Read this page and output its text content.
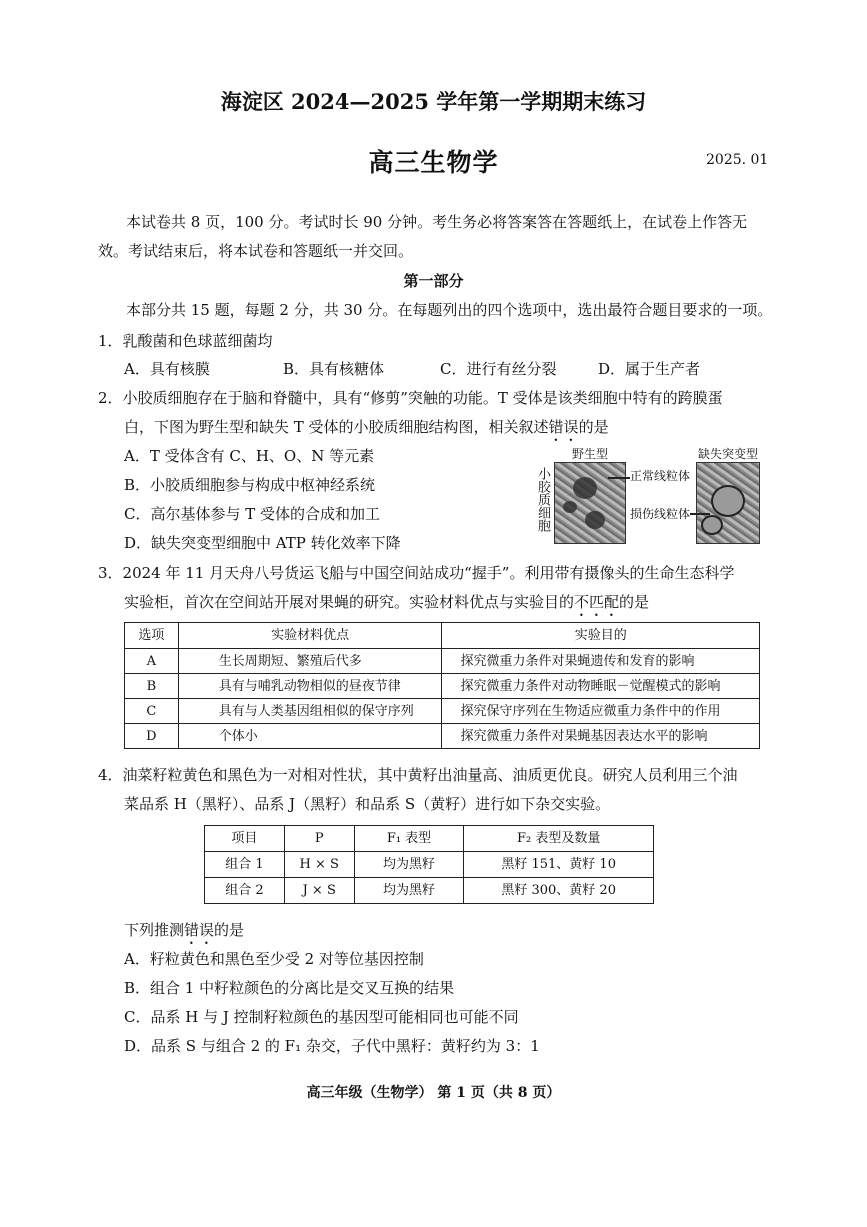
海淀区 2024—2025 学年第一学期期末练习
高三生物学	2025. 01
本试卷共 8 页，100 分。考试时长 90 分钟。考生务必将答案答在答题纸上，在试卷上作答无
效。考试结束后，将本试卷和答题纸一并交回。
第一部分
本部分共 15 题，每题 2 分，共 30 分。在每题列出的四个选项中，选出最符合题目要求的一项。
1．乳酸菌和色球蓝细菌均
A．具有核膜	B．具有核糖体	C．进行有丝分裂	D．属于生产者
2．小胶质细胞存在于脑和脊髓中，具有“修剪”突触的功能。T 受体是该类细胞中特有的跨膜蛋
白，下图为野生型和缺失 T 受体的小胶质细胞结构图，相关叙述错误的是
A．T 受体含有 C、H、O、N 等元素
B．小胶质细胞参与构成中枢神经系统
C．高尔基体参与 T 受体的合成和加工
D．缺失突变型细胞中 ATP 转化效率下降
野生型	缺失突变型
小胶质细胞	正常线粒体
损伤线粒体
3．2024 年 11 月天舟八号货运飞船与中国空间站成功“握手”。利用带有摄像头的生命生态科学
实验柜，首次在空间站开展对果蝇的研究。实验材料优点与实验目的不匹配的是
选项	实验材料优点	实验目的
A	生长周期短、繁殖后代多	探究微重力条件对果蝇遗传和发育的影响
B	具有与哺乳动物相似的昼夜节律	探究微重力条件对动物睡眠－觉醒模式的影响
C	具有与人类基因组相似的保守序列	探究保守序列在生物适应微重力条件中的作用
D	个体小	探究微重力条件对果蝇基因表达水平的影响
4．油菜籽粒黄色和黑色为一对相对性状，其中黄籽出油量高、油质更优良。研究人员利用三个油
菜品系 H（黑籽）、品系 J（黑籽）和品系 S（黄籽）进行如下杂交实验。
项目	P	F₁ 表型	F₂ 表型及数量
组合 1	H × S	均为黑籽	黑籽 151、黄籽 10
组合 2	J × S	均为黑籽	黑籽 300、黄籽 20
下列推测错误的是
A．籽粒黄色和黑色至少受 2 对等位基因控制
B．组合 1 中籽粒颜色的分离比是交叉互换的结果
C．品系 H 与 J 控制籽粒颜色的基因型可能相同也可能不同
D．品系 S 与组合 2 的 F₁ 杂交，子代中黑籽：黄籽约为 3：1
高三年级（生物学） 第 1 页（共 8 页）
